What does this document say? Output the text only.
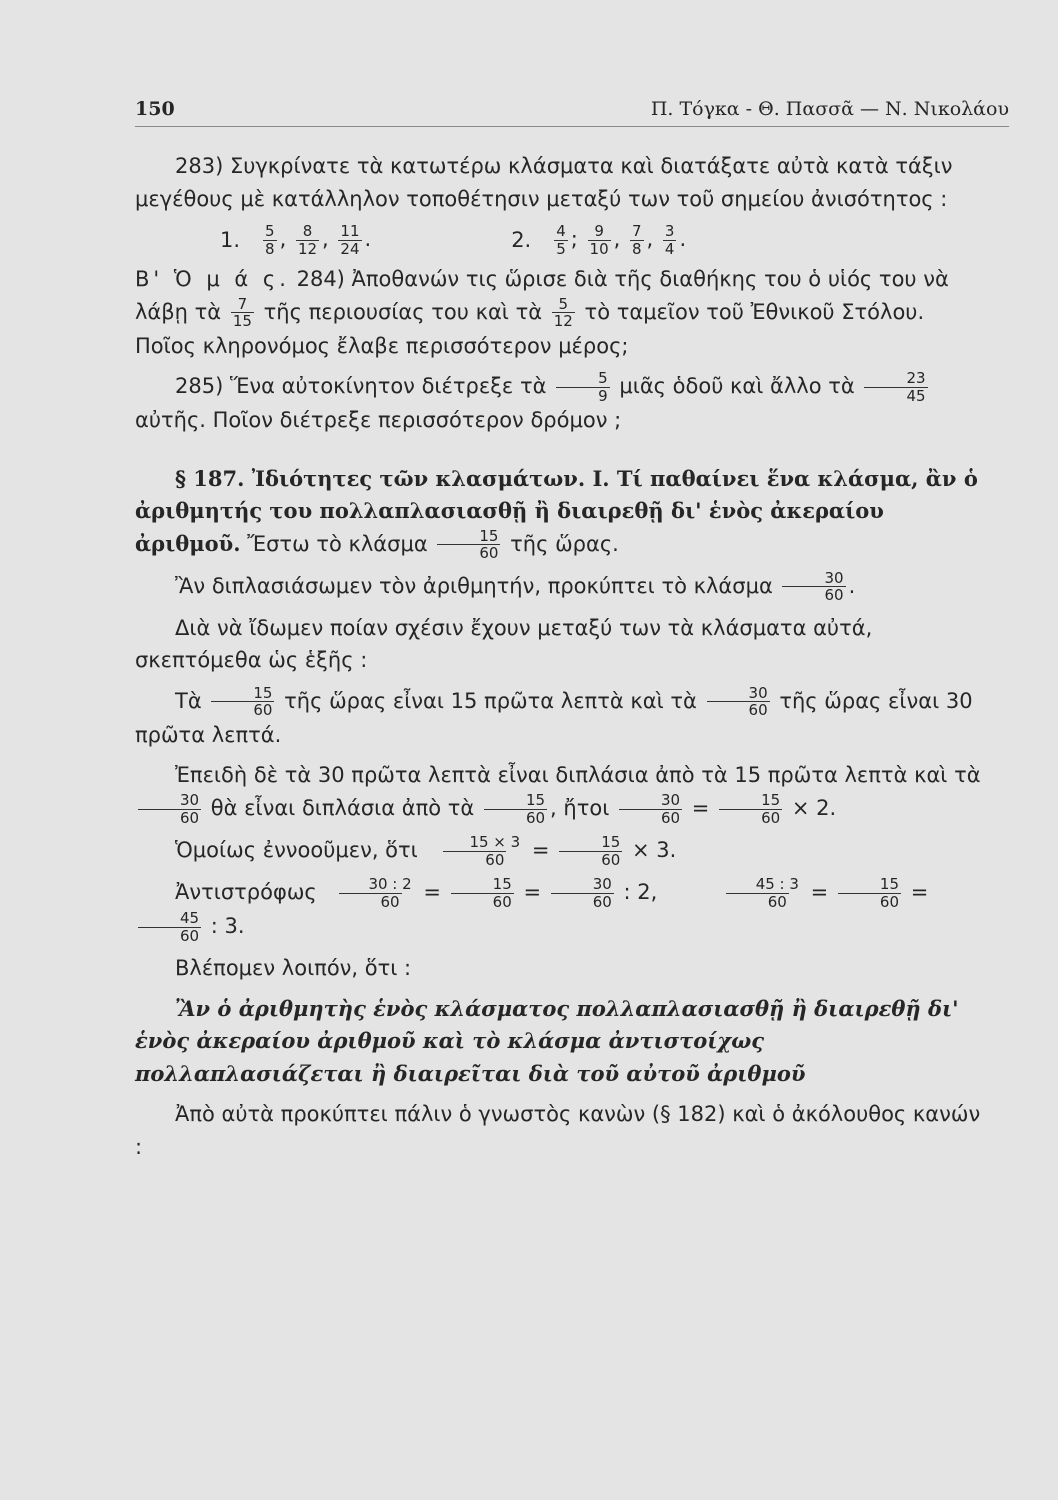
150	Π. Τόγκα - Θ. Πασσᾶ — Ν. Νικολάου

283) Συγκρίνατε τὰ κατωτέρω κλάσματα καὶ διατάξατε αὐτὰ κατὰ τάξιν μεγέθους μὲ κατάλληλον τοποθέτησιν μεταξύ των τοῦ σημείου ἀνισότητος :

1. $\frac{5}{8}$ , $\frac{8}{12}$ , $\frac{11}{24}$ .	2. $\frac{4}{5}$ ; $\frac{9}{10}$ , $\frac{7}{8}$ , $\frac{3}{4}$ .

Β' Ὁ μ ά ς. 284) Ἀποθανών τις ὥρισε διὰ τῆς διαθήκης του ὁ υἱός του νὰ λάβῃ τὰ $\frac{7}{15}$ τῆς περιουσίας του καὶ τὰ $\frac{5}{12}$ τὸ ταμεῖον τοῦ Ἐθνικοῦ Στόλου. Ποῖος κληρονόμος ἔλαβε περισσότερον μέρος;

285) Ἕνα αὐτοκίνητον διέτρεξε τὰ $\frac{5}{9}$ μιᾶς ὁδοῦ καὶ ἄλλο τὰ $\frac{23}{45}$
αὐτῆς. Ποῖον διέτρεξε περισσότερον δρόμον ;

§ 187. Ἰδιότητες τῶν κλασμάτων. I. Τί παθαίνει ἕνα κλάσμα, ἂν ὁ ἀριθμητής του πολλαπλασιασθῇ ἢ διαιρεθῇ δι' ἑνὸς ἀκεραίου ἀριθμοῦ. Ἔστω τὸ κλάσμα $\frac{15}{60}$ τῆς ὥρας.

Ἂν διπλασιάσωμεν τὸν ἀριθμητήν, προκύπτει τὸ κλάσμα $\frac{30}{60}$ .

Διὰ νὰ ἴδωμεν ποίαν σχέσιν ἔχουν μεταξύ των τὰ κλάσματα αὐτά, σκεπτόμεθα ὡς ἑξῆς :

Τὰ $\frac{15}{60}$ τῆς ὥρας εἶναι 15 πρῶτα λεπτὰ καὶ τὰ $\frac{30}{60}$ τῆς ὥρας εἶναι 30 πρῶτα λεπτά.

Ἐπειδὴ δὲ τὰ 30 πρῶτα λεπτὰ εἶναι διπλάσια ἀπὸ τὰ 15 πρῶτα λεπτὰ καὶ τὰ
$\frac{30}{60}$ θὰ εἶναι διπλάσια ἀπὸ τὰ $\frac{15}{60}$ , ἤτοι $\frac{30}{60} = \frac{15}{60} \times 2$.

Ὁμοίως ἐννοοῦμεν, ὅτι $\frac{15 \times 3}{60} = \frac{15}{60} \times 3$.

Ἀντιστρόφως $\frac{30 : 2}{60} = \frac{15}{60} = \frac{30}{60}$ : 2,	$\frac{45 : 3}{60} = \frac{15}{60}$ =
$\frac{45}{60}$ : 3.

Βλέπομεν λοιπόν, ὅτι :

Ἂν ὁ ἀριθμητὴς ἑνὸς κλάσματος πολλαπλασιασθῇ ἢ διαιρεθῇ δι' ἑνὸς ἀκεραίου ἀριθμοῦ καὶ τὸ κλάσμα ἀντιστοίχως πολλαπλασιάζεται ἢ διαιρεῖται διὰ τοῦ αὐτοῦ ἀριθμοῦ

Ἀπὸ αὐτὰ προκύπτει πάλιν ὁ γνωστὸς κανὼν (§ 182) καὶ ὁ ἀκόλουθος κανών :
